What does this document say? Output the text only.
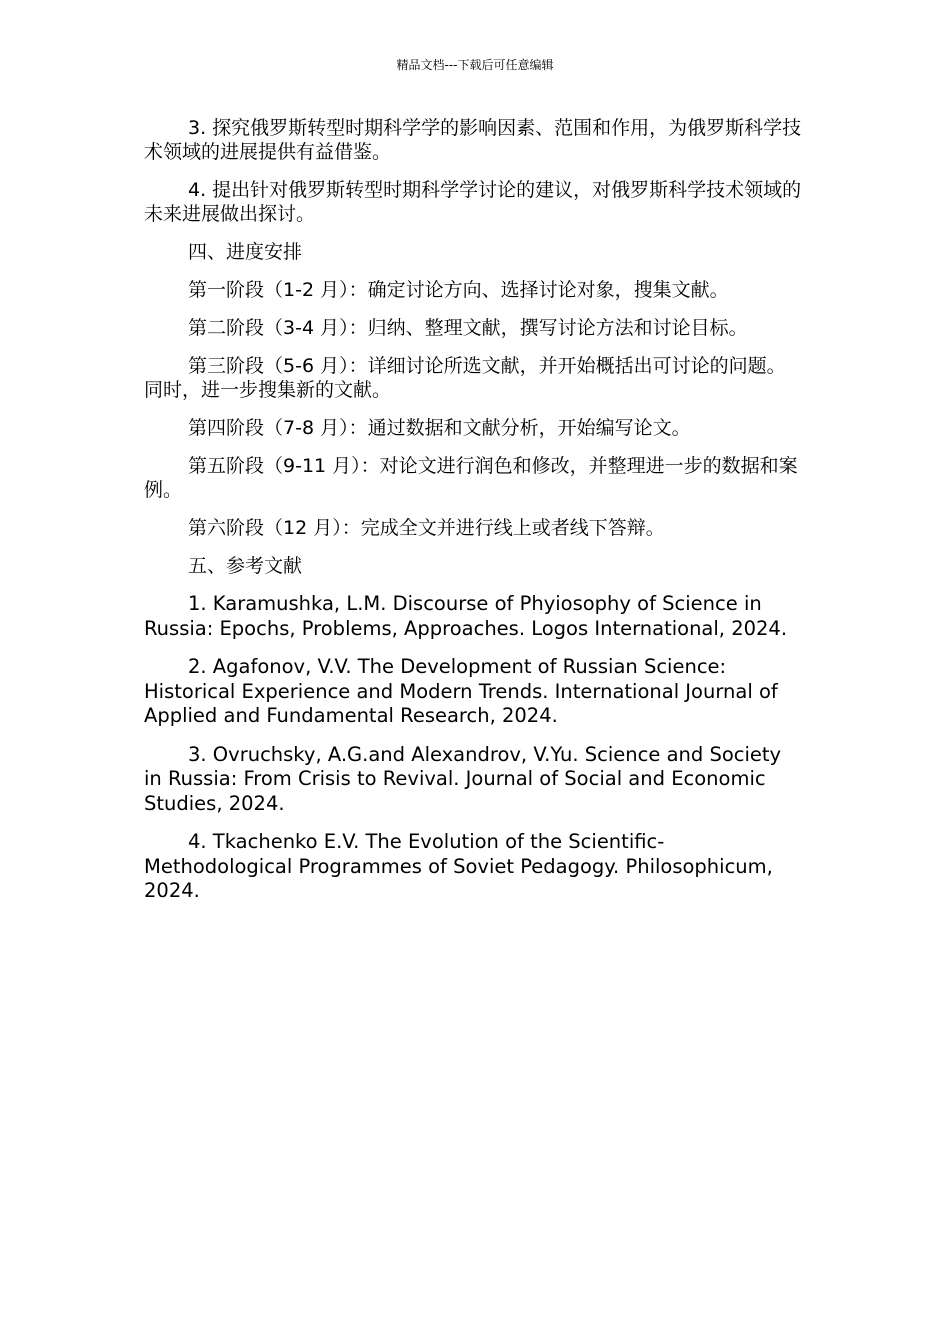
精品文档---下载后可任意编辑

3. 探究俄罗斯转型时期科学学的影响因素、范围和作用，为俄罗斯科学技术领域的进展提供有益借鉴。

4. 提出针对俄罗斯转型时期科学学讨论的建议，对俄罗斯科学技术领域的未来进展做出探讨。

四、进度安排

第一阶段（1-2 月）：确定讨论方向、选择讨论对象，搜集文献。

第二阶段（3-4 月）：归纳、整理文献，撰写讨论方法和讨论目标。

第三阶段（5-6 月）：详细讨论所选文献，并开始概括出可讨论的问题。同时，进一步搜集新的文献。

第四阶段（7-8 月）：通过数据和文献分析，开始编写论文。

第五阶段（9-11 月）：对论文进行润色和修改，并整理进一步的数据和案例。

第六阶段（12 月）：完成全文并进行线上或者线下答辩。

五、参考文献

1. Karamushka, L.M. Discourse of Phyiosophy of Science in Russia: Epochs, Problems, Approaches. Logos International, 2024.

2. Agafonov, V.V. The Development of Russian Science: Historical Experience and Modern Trends. International Journal of Applied and Fundamental Research, 2024.

3. Ovruchsky, A.G.and Alexandrov, V.Yu. Science and Society in Russia: From Crisis to Revival. Journal of Social and Economic Studies, 2024.

4. Tkachenko E.V. The Evolution of the Scientific-Methodological Programmes of Soviet Pedagogy. Philosophicum, 2024.
